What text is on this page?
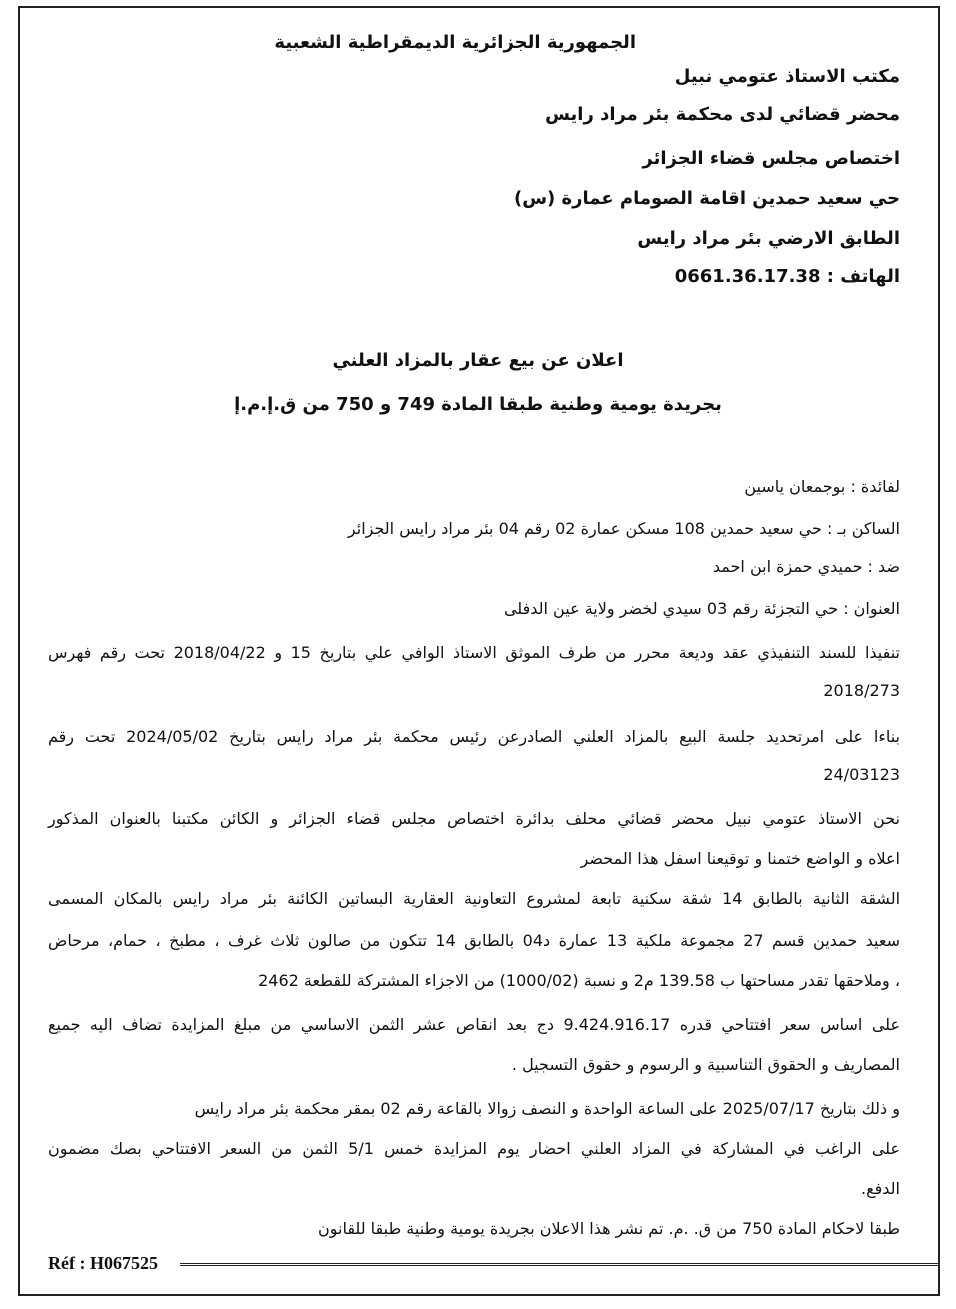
الجمهورية الجزائرية الديمقراطية الشعبية
مكتب الاستاذ عتومي نبيل
محضر قضائي لدى محكمة بئر مراد رايس
اختصاص مجلس قضاء الجزائر
حي سعيد حمدين اقامة الصومام عمارة (س)
الطابق الارضي بئر مراد رايس
الهاتف : 0661.36.17.38
اعلان عن بيع عقار بالمزاد العلني
بجريدة يومية وطنية طبقا المادة 749 و 750 من ق.إ.م.إ
لفائدة : بوجمعان ياسين
الساكن بـ : حي سعيد حمدين 108 مسكن عمارة 02 رقم 04 بئر مراد رايس الجزائر
ضد : حميدي حمزة ابن احمد
العنوان : حي التجزئة رقم 03 سيدي لخضر ولاية عين الدفلى
تنفيذا للسند التنفيذي عقد وديعة محرر من طرف الموثق الاستاذ الوافي علي بتاريخ 15 و 2018/04/22 تحت رقم فهرس
2018/273
بناءا على امرتحديد جلسة البيع بالمزاد العلني الصادرعن رئيس محكمة بئر مراد رايس بتاريخ 2024/05/02 تحت رقم
24/03123
نحن الاستاذ عتومي نبيل محضر قضائي محلف بدائرة اختصاص مجلس قضاء الجزائر و الكائن مكتبنا بالعنوان المذكور
اعلاه و الواضع ختمنا و توقيعنا اسفل هذا المحضر
الشقة الثانية بالطابق 14 شقة سكنية تابعة لمشروع التعاونية العقارية البساتين الكائنة بئر مراد رايس بالمكان المسمى
سعيد حمدين قسم 27 مجموعة ملكية 13 عمارة د04 بالطابق 14 تتكون من صالون ثلاث غرف ، مطبخ ، حمام، مرحاض
، وملاحقها تقدر مساحتها ب 139.58 م2 و نسبة (1000/02) من الاجزاء المشتركة للقطعة 2462
على اساس سعر افتتاحي قدره 9.424.916.17 دج بعد انقاص عشر الثمن الاساسي من مبلغ المزايدة تضاف اليه جميع
المصاريف و الحقوق التناسبية و الرسوم و حقوق التسجيل .
و ذلك بتاريخ 2025/07/17 على الساعة الواحدة و النصف زوالا بالقاعة رقم 02 بمقر محكمة بئر مراد رايس
على الراغب في المشاركة في المزاد العلني احضار يوم المزايدة خمس 5/1 الثمن من السعر الافتتاحي بصك مضمون
الدفع.
طبقا لاحكام المادة 750 من ق. .م. تم نشر هذا الاعلان بجريدة يومية وطنية طبقا للقانون
Réf : H067525
